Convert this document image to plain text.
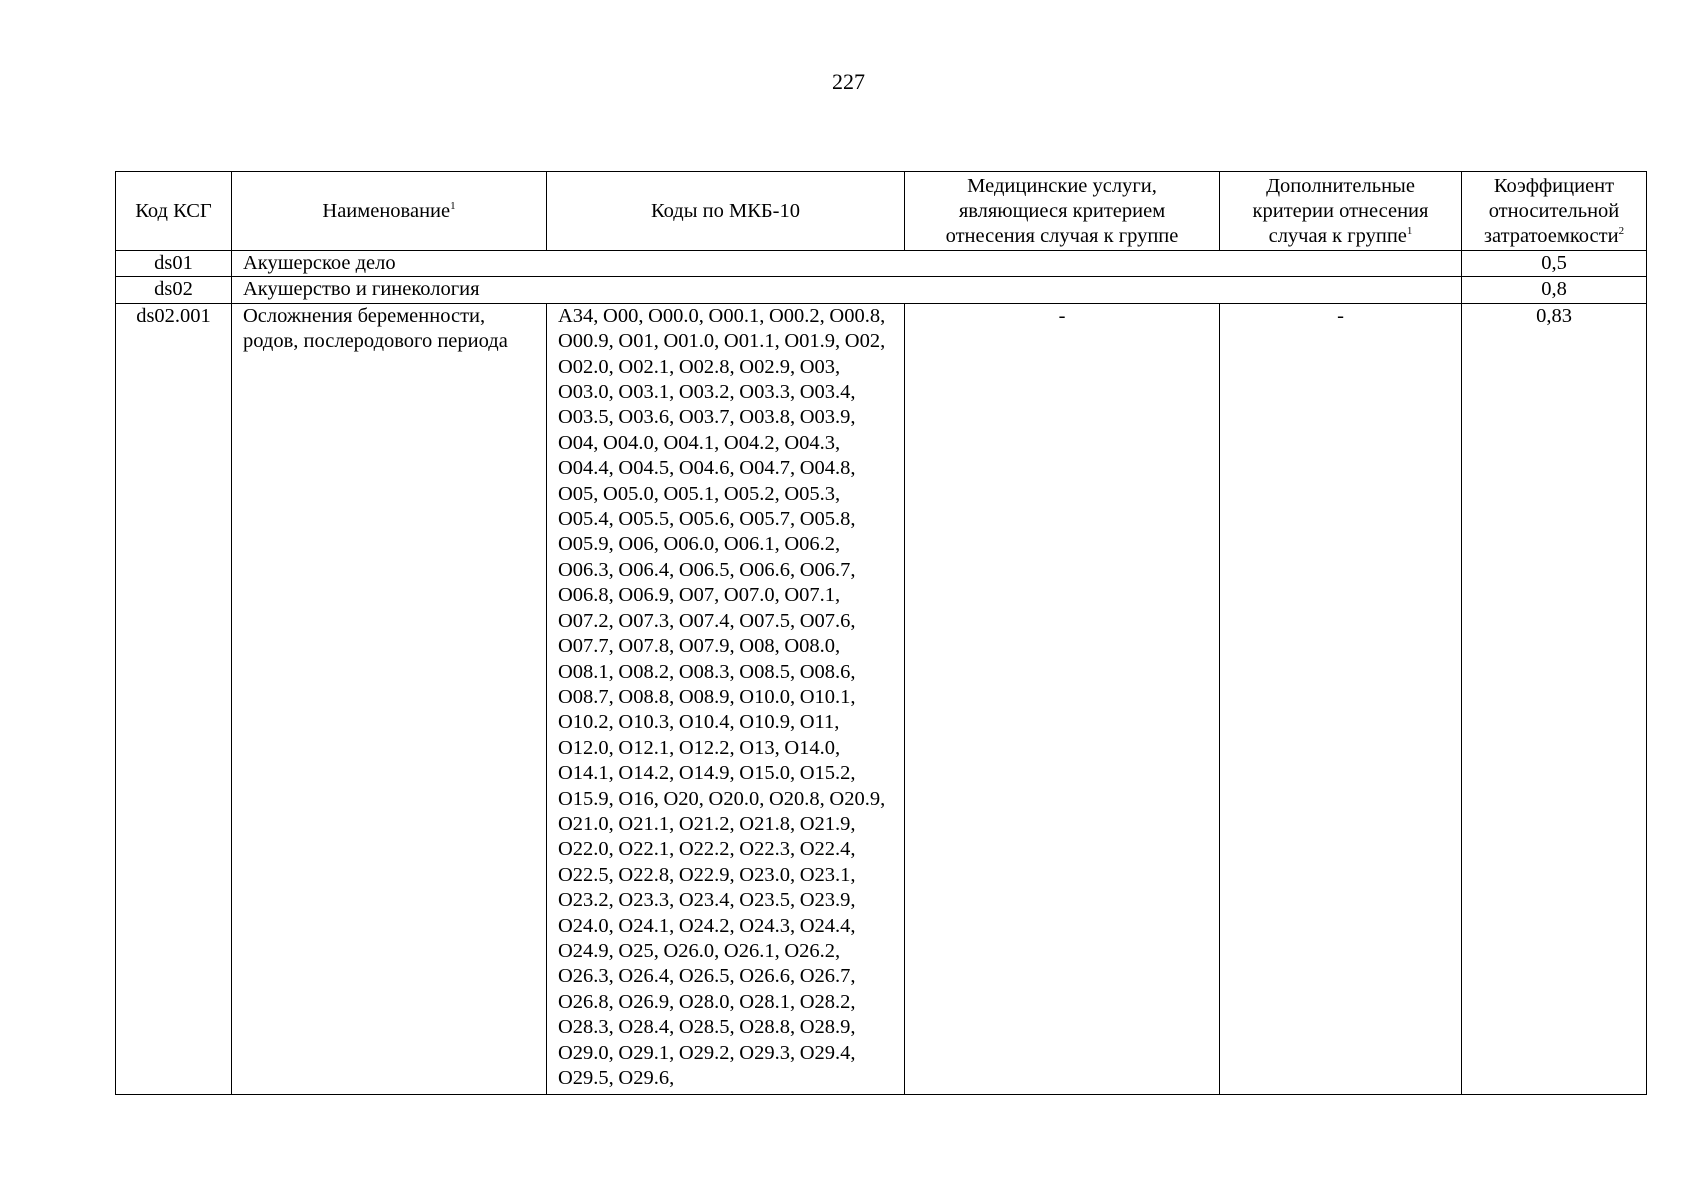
227
Код КСГ	Наименование$^1$	Коды по МКБ-10	Медицинские услуги, являющиеся критерием отнесения случая к группе	Дополнительные критерии отнесения случая к группе$^1$	Коэффициент относительной затратоемкости$^2$
ds01	Акушерское дело				0,5
ds02	Акушерство и гинекология				0,8
ds02.001	Осложнения беременности, родов, послеродового периода	А34, О00, О00.0, О00.1, О00.2, О00.8, О00.9, О01, О01.0, О01.1, О01.9, О02, О02.0, О02.1, О02.8, О02.9, О03, О03.0, О03.1, О03.2, О03.3, О03.4, О03.5, О03.6, О03.7, О03.8, О03.9, О04, О04.0, О04.1, О04.2, О04.3, О04.4, О04.5, О04.6, О04.7, О04.8, О05, О05.0, О05.1, О05.2, О05.3, О05.4, О05.5, О05.6, О05.7, О05.8, О05.9, О06, О06.0, О06.1, О06.2, О06.3, О06.4, О06.5, О06.6, О06.7, О06.8, О06.9, О07, О07.0, О07.1, О07.2, О07.3, О07.4, О07.5, О07.6, О07.7, О07.8, О07.9, О08, О08.0, О08.1, О08.2, О08.3, О08.5, О08.6, О08.7, О08.8, О08.9, О10.0, О10.1, О10.2, О10.3, О10.4, О10.9, О11, О12.0, О12.1, О12.2, О13, О14.0, О14.1, О14.2, О14.9, О15.0, О15.2, О15.9, О16, О20, О20.0, О20.8, О20.9, О21.0, О21.1, О21.2, О21.8, О21.9, О22.0, О22.1, О22.2, О22.3, О22.4, О22.5, О22.8, О22.9, О23.0, О23.1, О23.2, О23.3, О23.4, О23.5, О23.9, О24.0, О24.1, О24.2, О24.3, О24.4, О24.9, О25, О26.0, О26.1, О26.2, О26.3, О26.4, О26.5, О26.6, О26.7, О26.8, О26.9, О28.0, О28.1, О28.2, О28.3, О28.4, О28.5, О28.8, О28.9, О29.0, О29.1, О29.2, О29.3, О29.4, О29.5, О29.6,	-	-	0,83
